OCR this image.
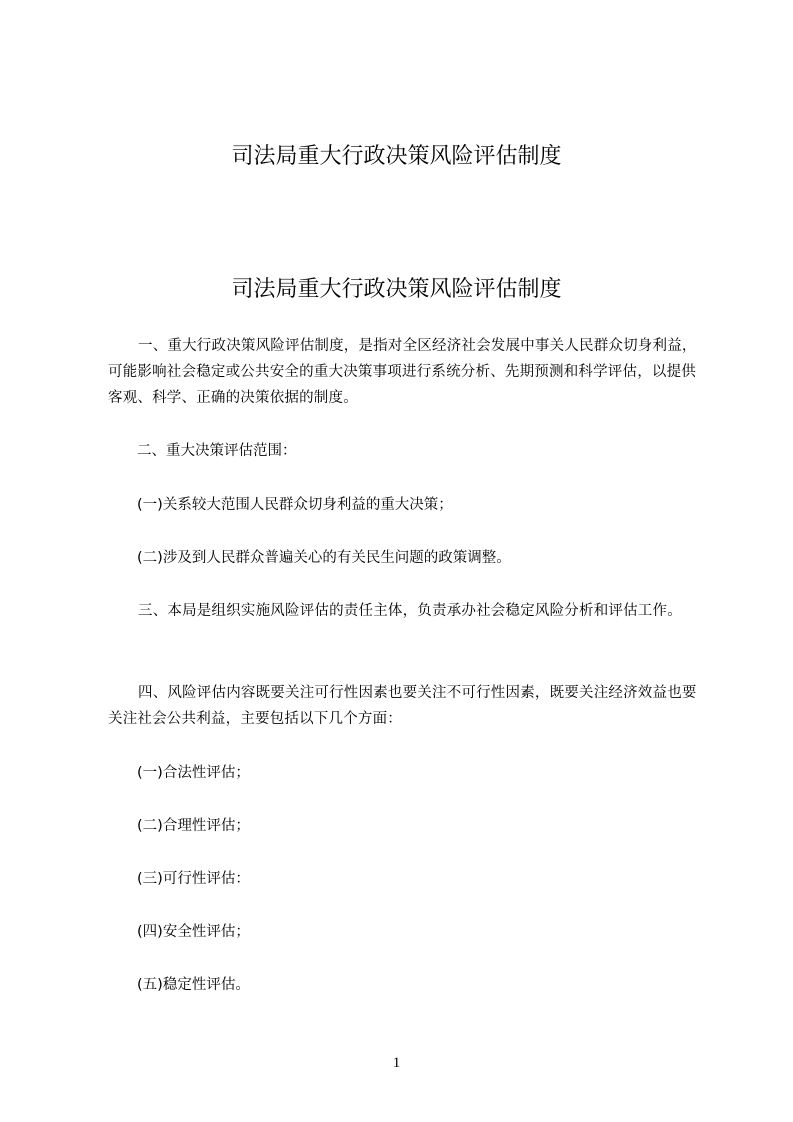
司法局重大行政决策风险评估制度
司法局重大行政决策风险评估制度

一、重大行政决策风险评估制度，是指对全区经济社会发展中事关人民群众切身利益，可能影响社会稳定或公共安全的重大决策事项进行系统分析、先期预测和科学评估，以提供客观、科学、正确的决策依据的制度。

二、重大决策评估范围：

(一)关系较大范围人民群众切身利益的重大决策；

(二)涉及到人民群众普遍关心的有关民生问题的政策调整。

三、本局是组织实施风险评估的责任主体，负责承办社会稳定风险分析和评估工作。

四、风险评估内容既要关注可行性因素也要关注不可行性因素，既要关注经济效益也要关注社会公共利益，主要包括以下几个方面：

(一)合法性评估；

(二)合理性评估；

(三)可行性评估：

(四)安全性评估；

(五)稳定性评估。

1
